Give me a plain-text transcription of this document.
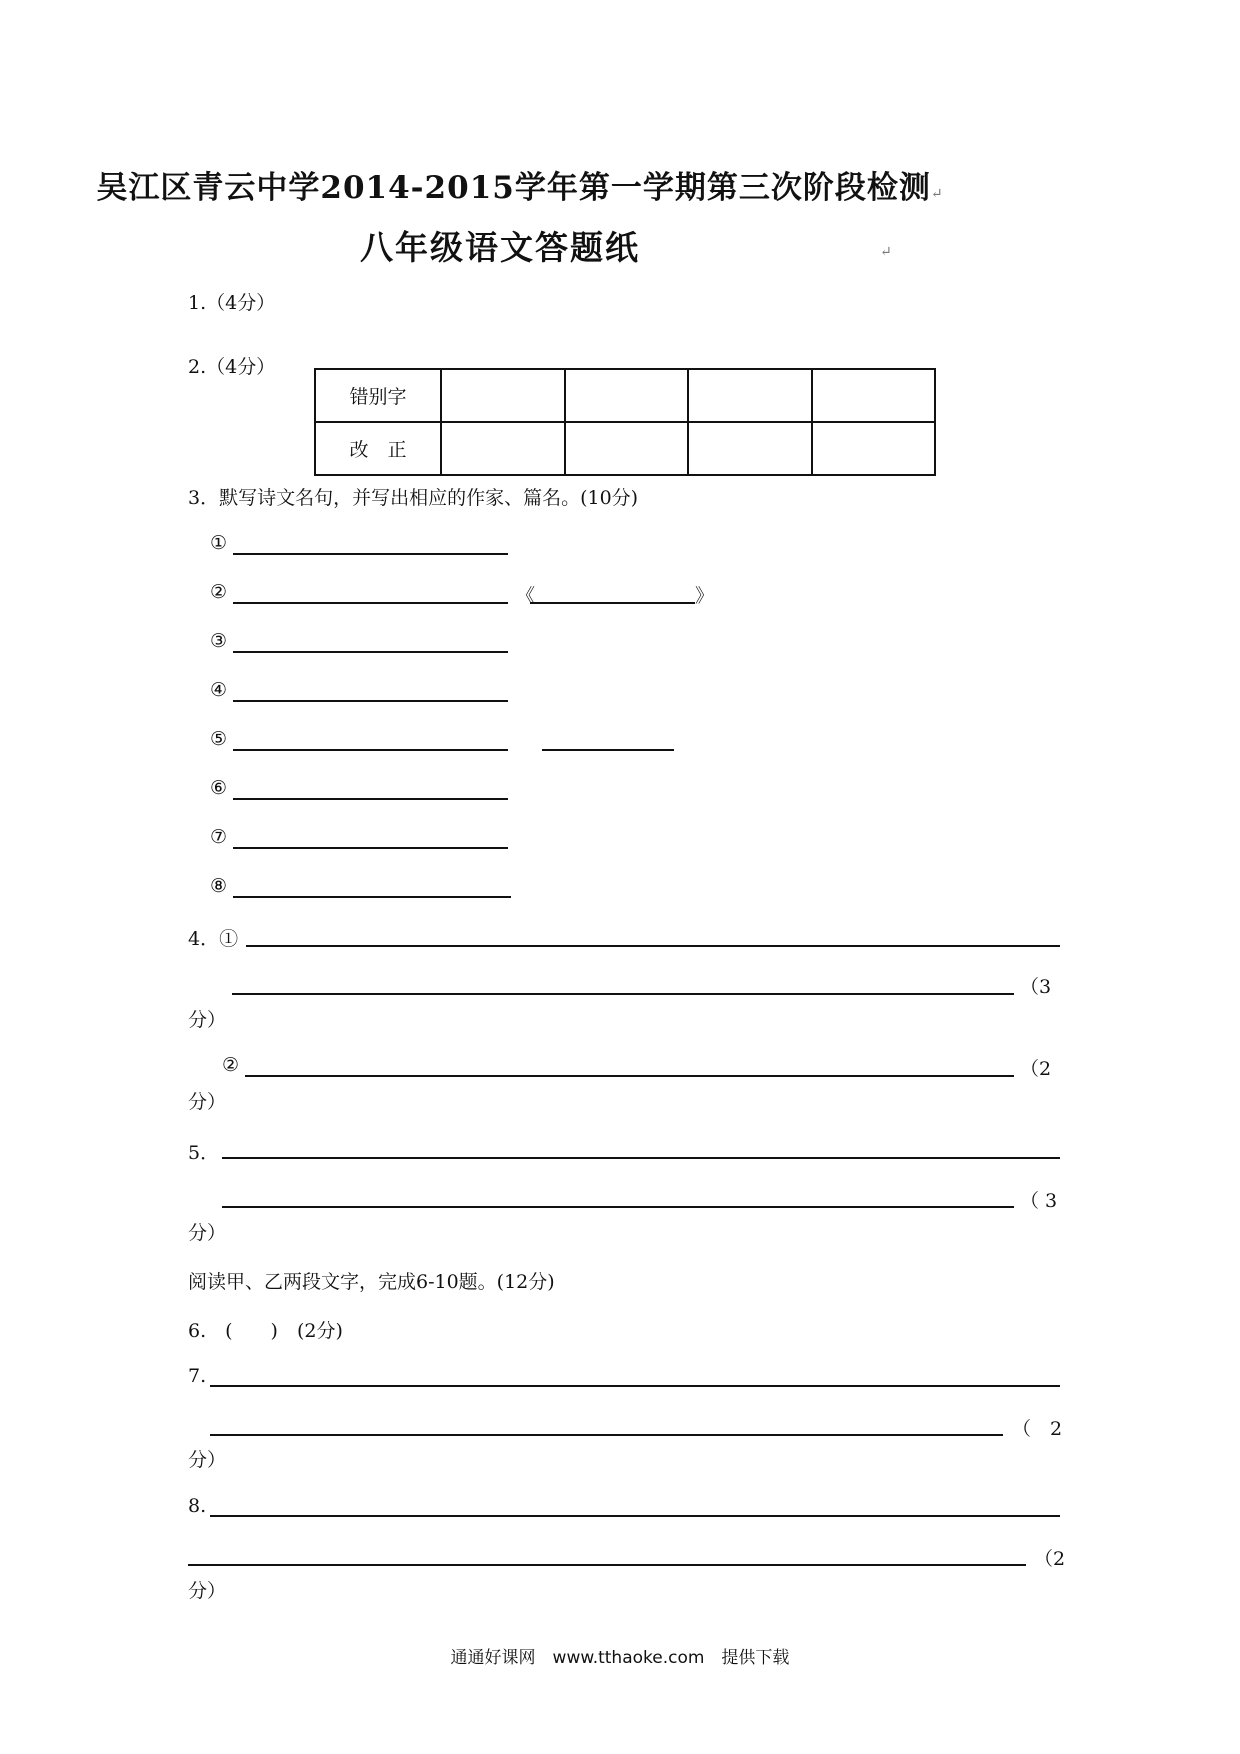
吴江区青云中学2014-2015学年第一学期第三次阶段检测↵
八年级语文答题纸	↵
1.（4分）
2.（4分）
错别字				
改　正				
3．默写诗文名句，并写出相应的作家、篇名。(10分)
①
②	《	》
③
④
⑤
⑥
⑦
⑧
4．①
（3
分）
②	（2
分）
5．
（ 3
分）
阅读甲、乙两段文字，完成6-10题。(12分)
6.　(　　)　(2分)
7.
（　2
分）
8.
（2
分）
通通好课网　www.tthaoke.com　提供下载
